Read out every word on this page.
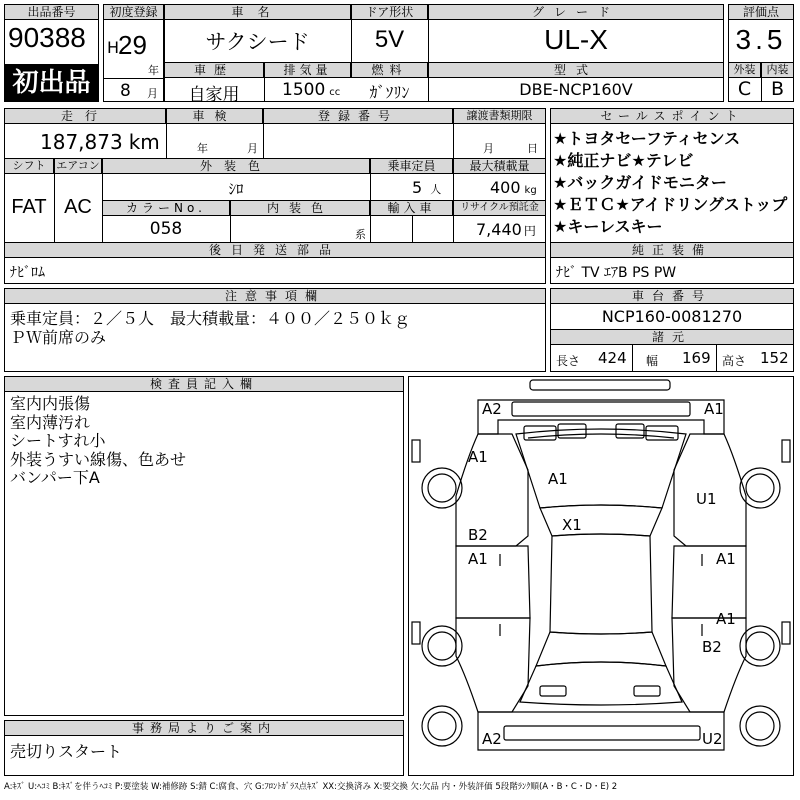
出品番号
90388
初出品
初度登録
H
29
年
8 月
車名
サクシード
ドア形状
5V
グレード
UL-X
車歴
自家用
排気量
1500 cc
燃料
ｶﾞｿﾘﾝ
型式
DBE-NCP160V
評価点
3.5
外装	内装
C	B
走行
187,873 km
車検
年	月
登録番号	譲渡書類期限
月	日
シフト
FAT
エアコン
AC
外装色
ｼﾛ
乗車定員
5 人
最大積載量
400 kg
カラーNo.
058
内装色
系
輸入車	リサイクル預託金
7,440 円
後日発送部品
ﾅﾋﾞﾛﾑ
セールスポイント
★トヨタセーフティセンス
★純正ナビ★テレビ
★バックガイドモニター
★ＥＴＣ★アイドリングストップ
★キーレスキー
純正装備
ﾅﾋﾞ TV ｴｱB PS PW
注意事項欄
乗車定員：２／５人　最大積載量：４００／２５０ｋｇ
ＰＷ前席のみ
車台番号
NCP160-0081270
諸元
長さ 424 幅 169 高さ 152
検査員記入欄
室内内張傷
室内薄汚れ
シートすれ小
外装うすい線傷、色あせ
バンパー下A
事務局よりご案内
売切りスタート
A2	A1
A1
A1
U1
X1
B2
A1	A1
A1
B2
A2	U2
A:ｷｽﾞ U:ﾍｺﾐ B:ｷｽﾞを伴うﾍｺﾐ P:要塗装 W:補修跡 S:錆 C:腐食、穴 G:ﾌﾛﾝﾄｶﾞﾗｽ点ｷｽﾞ XX:交換済み X:要交換 欠:欠品 内・外装評価 5段階ﾗﾝｸ順(A・B・C・D・E) 2
